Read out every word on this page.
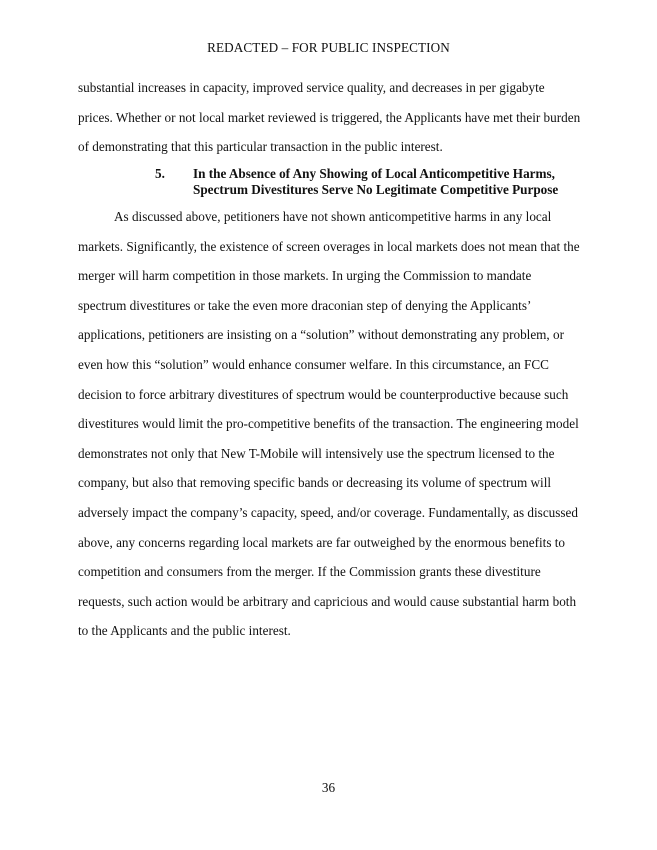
REDACTED – FOR PUBLIC INSPECTION

substantial increases in capacity, improved service quality, and decreases in per gigabyte prices. Whether or not local market reviewed is triggered, the Applicants have met their burden of demonstrating that this particular transaction in the public interest.

5. In the Absence of Any Showing of Local Anticompetitive Harms,
Spectrum Divestitures Serve No Legitimate Competitive Purpose

As discussed above, petitioners have not shown anticompetitive harms in any local markets. Significantly, the existence of screen overages in local markets does not mean that the merger will harm competition in those markets. In urging the Commission to mandate spectrum divestitures or take the even more draconian step of denying the Applicants’ applications, petitioners are insisting on a “solution” without demonstrating any problem, or even how this “solution” would enhance consumer welfare. In this circumstance, an FCC decision to force arbitrary divestitures of spectrum would be counterproductive because such divestitures would limit the pro-competitive benefits of the transaction. The engineering model demonstrates not only that New T-Mobile will intensively use the spectrum licensed to the company, but also that removing specific bands or decreasing its volume of spectrum will adversely impact the company’s capacity, speed, and/or coverage. Fundamentally, as discussed above, any concerns regarding local markets are far outweighed by the enormous benefits to competition and consumers from the merger. If the Commission grants these divestiture requests, such action would be arbitrary and capricious and would cause substantial harm both to the Applicants and the public interest.

36
